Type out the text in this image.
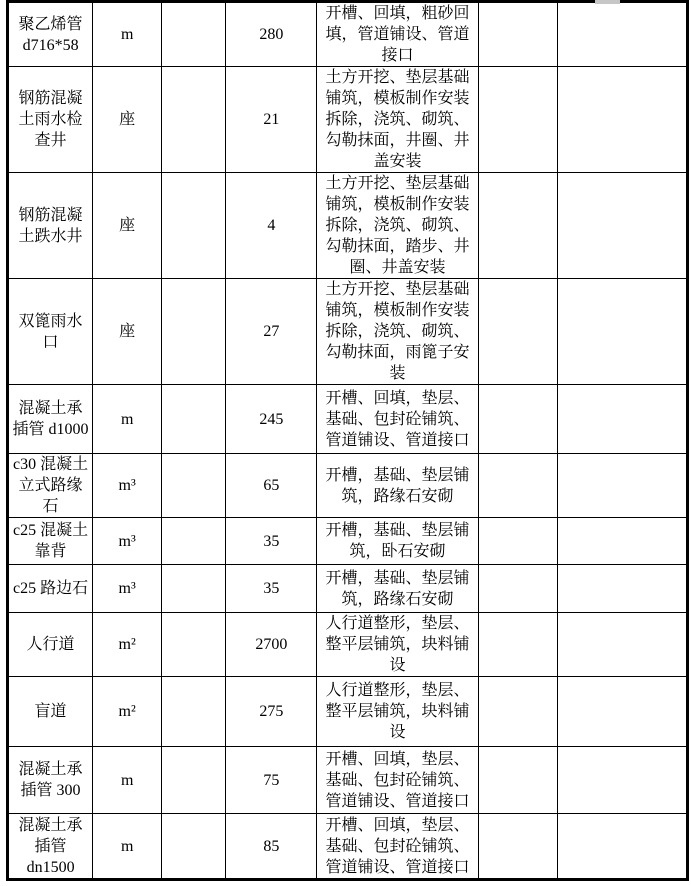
聚乙烯管 d716*58	m		280	开槽、回填，粗砂回填，管道铺设、管道接口		
钢筋混凝土雨水检查井	座		21	土方开挖、垫层基础铺筑，模板制作安装拆除，浇筑、砌筑、勾勒抹面，井圈、井盖安装		
钢筋混凝土跌水井	座		4	土方开挖、垫层基础铺筑，模板制作安装拆除，浇筑、砌筑、勾勒抹面，踏步、井圈、井盖安装		
双篦雨水口	座		27	土方开挖、垫层基础铺筑，模板制作安装拆除，浇筑、砌筑、勾勒抹面，雨篦子安装		
混凝土承插管 d1000	m		245	开槽、回填，垫层、基础、包封砼铺筑、管道铺设、管道接口		
c30 混凝土立式路缘石	m³		65	开槽，基础、垫层铺筑，路缘石安砌		
c25 混凝土靠背	m³		35	开槽，基础、垫层铺筑，卧石安砌		
c25 路边石	m³		35	开槽，基础、垫层铺筑，路缘石安砌		
人行道	m²		2700	人行道整形，垫层、整平层铺筑，块料铺设		
盲道	m²		275	人行道整形，垫层、整平层铺筑，块料铺设		
混凝土承插管 300	m		75	开槽、回填，垫层、基础、包封砼铺筑、管道铺设、管道接口		
混凝土承插管 dn1500	m		85	开槽、回填，垫层、基础、包封砼铺筑、管道铺设、管道接口		
